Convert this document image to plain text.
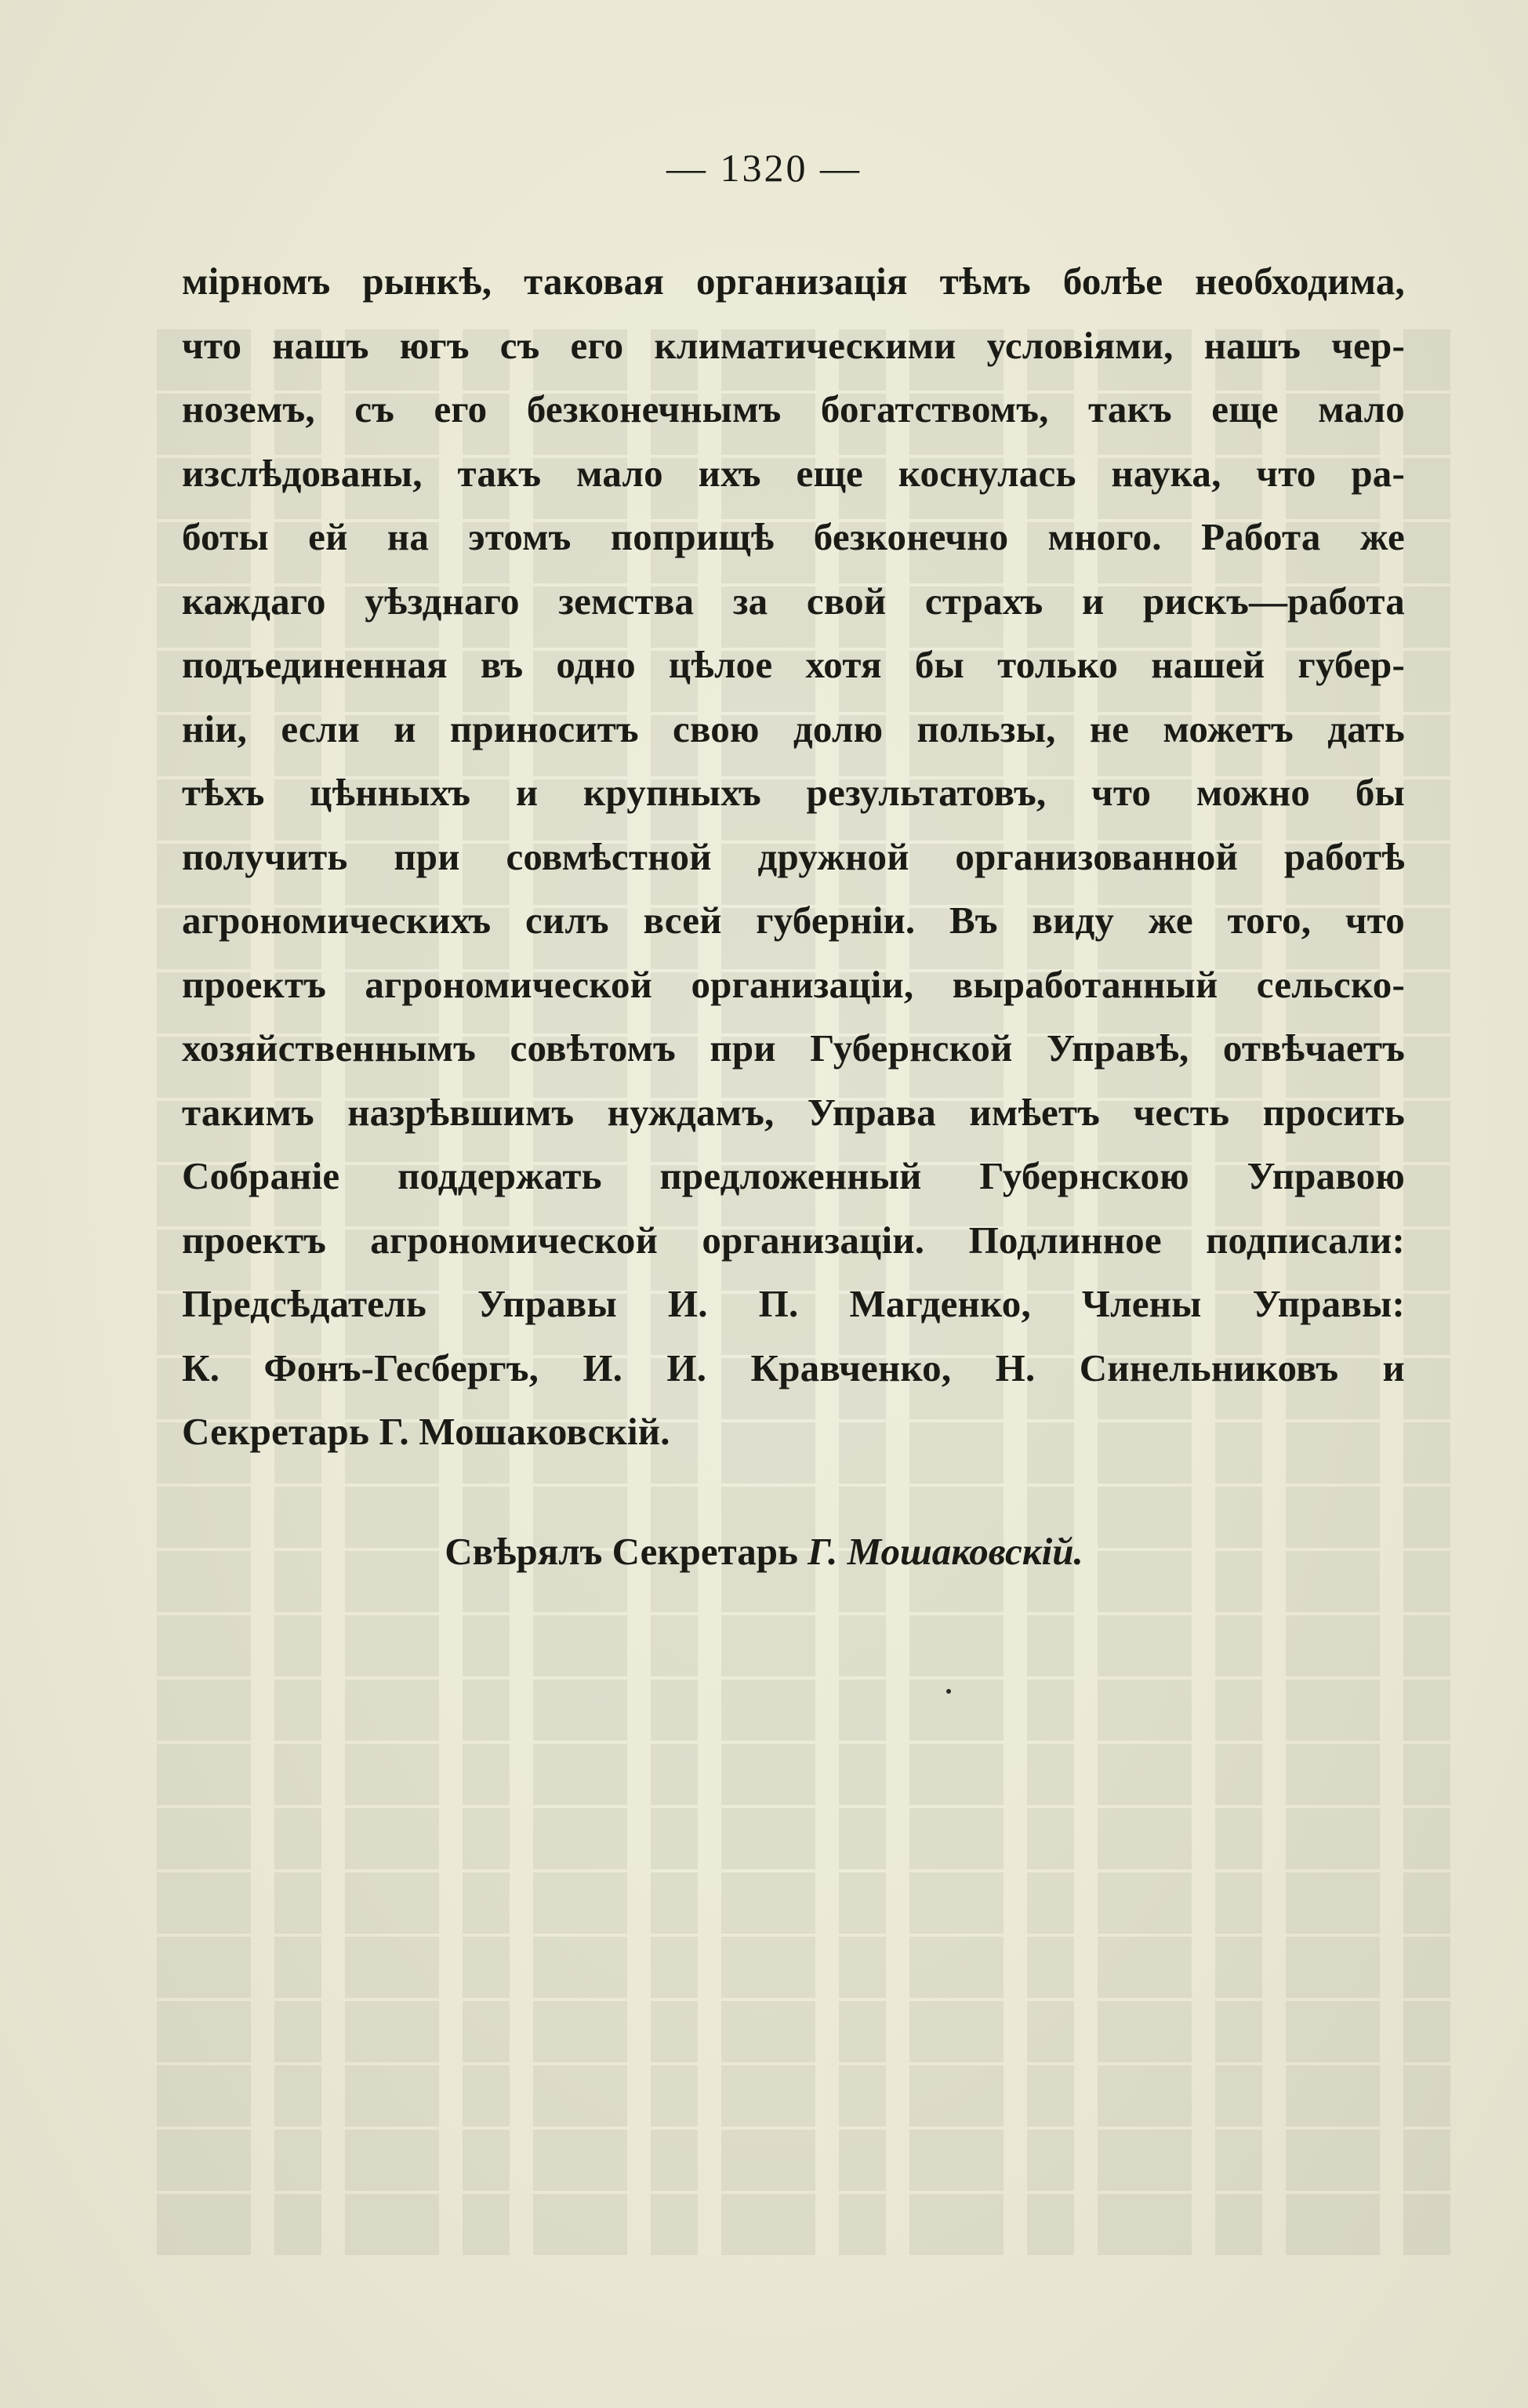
— 1320 —
мірномъ рынкѣ, таковая организація тѣмъ болѣе необходима,
что нашъ югъ съ его климатическими условіями, нашъ чер-
ноземъ, съ его безконечнымъ богатствомъ, такъ еще мало
изслѣдованы, такъ мало ихъ еще коснулась наука, что ра-
боты ей на этомъ поприщѣ безконечно много. Работа же
каждаго уѣзднаго земства за свой страхъ и рискъ—работа
подъединенная въ одно цѣлое хотя бы только нашей губер-
ніи, если и приноситъ свою долю пользы, не можетъ дать
тѣхъ цѣнныхъ и крупныхъ результатовъ, что можно бы
получить при совмѣстной дружной организованной работѣ
агрономическихъ силъ всей губерніи. Въ виду же того, что
проектъ агрономической организаціи, выработанный сельско-
хозяйственнымъ совѣтомъ при Губернской Управѣ, отвѣчаетъ
такимъ назрѣвшимъ нуждамъ, Управа имѣетъ честь просить
Собраніе поддержать предложенный Губернскою Управою
проектъ агрономической организаціи. Подлинное подписали:
Предсѣдатель Управы И. П. Магденко, Члены Управы:
К. Фонъ-Гесбергъ, И. И. Кравченко, Н. Синельниковъ и
Секретарь Г. Мошаковскій.
Свѣрялъ Секретарь Г. Мошаковскій.
